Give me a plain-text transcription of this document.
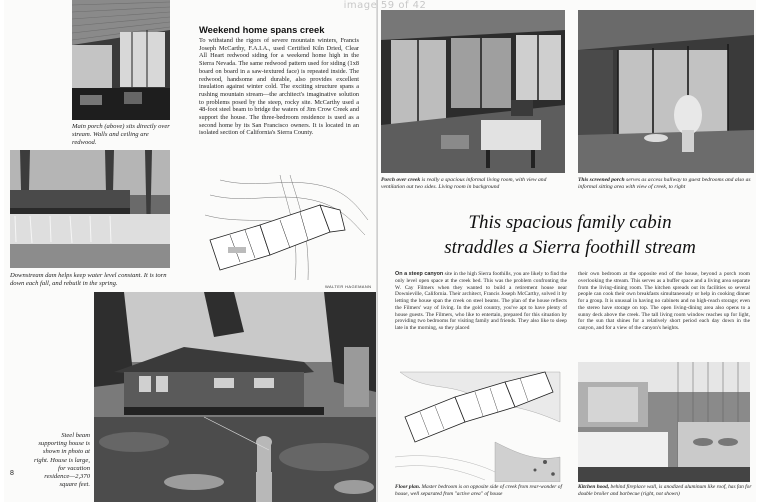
Main porch (above) sits directly over stream. Walls and ceiling are redwood.
Weekend home spans creek
To withstand the rigors of severe mountain winters, Francis Joseph McCarthy, F.A.I.A., used Certified Kiln Dried, Clear All Heart redwood siding for a weekend home high in the Sierra Nevada. The same redwood pattern used for siding (1x8 board on board in a saw-textured face) is repeated inside. The redwood, handsome and durable, also provides excellent insulation against winter cold. The exciting structure spans a rushing mountain stream—the architect's imaginative solution to problems posed by the steep, rocky site. McCarthy used a 48-foot steel beam to bridge the waters of Jim Crow Creek and support the house. The three-bedroom residence is used as a second home by its San Francisco owners. It is located in an isolated section of California's Sierra County.
Downstream dam helps keep water level constant. It is torn down each fall, and rebuilt in the spring.	WALTER HAGEMANN
Steel beam supporting house is shown in photo at right. House is large, for vacation residence—2,370 square feet.
8
Porch over creek is really a spacious informal living room, with view and ventilation out two sides. Living room in background
This screened porch serves as access hallway to guest bedrooms and also as informal sitting area with view of creek, to right
This spacious family cabin
straddles a Sierra foothill stream
On a steep canyon site in the high Sierra foothills, you are likely to find the only level open space at the creek bed. This was the problem confronting the W. Cay Filmers when they wanted to build a retirement house near Downieville, California. Their architect, Francis Joseph McCarthy, solved it by letting the house span the creek on steel beams. The plan of the house reflects the Filmers' way of living. In the gold country, you've apt to have plenty of house guests. The Filmers, who like to entertain, prepared for this situation by providing two bedrooms for visiting family and friends. They also like to sleep late in the morning, so they placed
their own bedroom at the opposite end of the house, beyond a porch room overlooking the stream. This serves as a buffer space and a living area separate from the living-dining room. The kitchen spreads out its facilities so several people can cook their own breakfasts simultaneously or help in cooking dinner for a group. It is unusual in having no cabinets and no high-reach storage; even the stereo have storage on top. The open living-dining area also opens to a sunny deck above the creek. The tall living room window reaches up for light, for the sun that shines for a relatively short period each day down in the canyon, and for a view of the canyon's heights.
Floor plan. Master bedroom is on opposite side of creek from rear-wonder of house, well separated from "active area" of house
Kitchen hood, behind fireplace wall, is anodized aluminum like roof, has fan for double broiler and barbecue (right, not shown)
image 59 of 42
